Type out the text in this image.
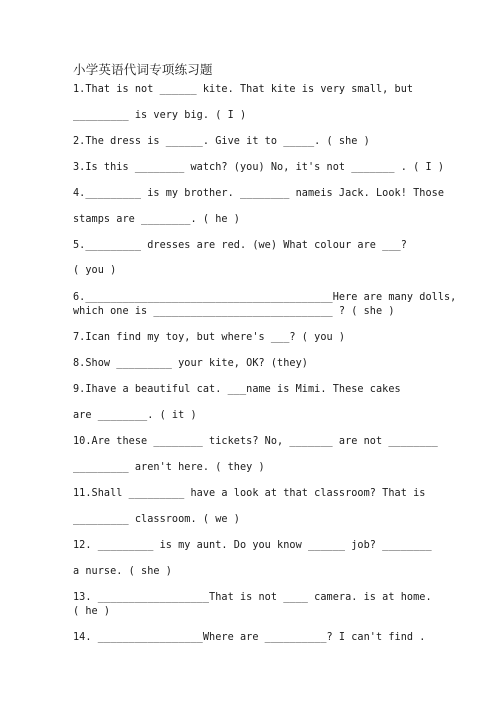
小学英语代词专项练习题
1.That is not ______ kite. That kite is very small, but
_________ is very big. ( I )
2.The dress is ______. Give it to _____. ( she )
3.Is this ________ watch? (you) No, it's not _______ . ( I )
4._________ is my brother. ________ nameis Jack. Look! Those
stamps are ________. ( he )
5._________ dresses are red. (we) What colour are ___?
( you )
6.________________________________________Here are many dolls,
which one is _____________________________ ? ( she )
7.Ican find my toy, but where's ___? ( you )
8.Show _________ your kite, OK? (they)
9.Ihave a beautiful cat. ___name is Mimi. These cakes
are ________. ( it )
10.Are these ________ tickets? No, _______ are not ________
_________ aren't here. ( they )
11.Shall _________ have a look at that classroom? That is
_________ classroom. ( we )
12. _________ is my aunt. Do you know ______ job? ________
a nurse. ( she )
13. __________________That is not ____ camera. is at home.
( he )
14. _________________Where are __________? I can't find .
